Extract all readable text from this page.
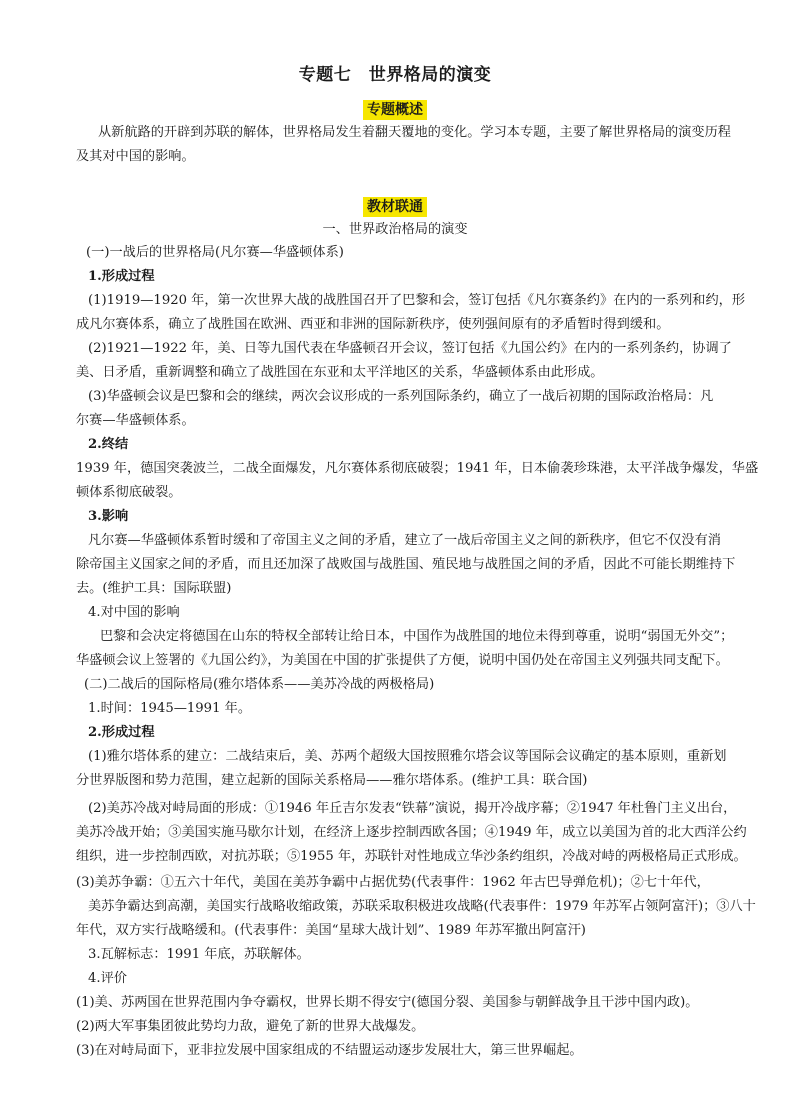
专题七　世界格局的演变
专题概述
从新航路的开辟到苏联的解体，世界格局发生着翻天覆地的变化。学习本专题，主要了解世界格局的演变历程
及其对中国的影响。
教材联通
一、世界政治格局的演变
(一)一战后的世界格局(凡尔赛—华盛顿体系)
1.形成过程
(1)1919—1920 年，第一次世界大战的战胜国召开了巴黎和会，签订包括《凡尔赛条约》在内的一系列和约，形
成凡尔赛体系，确立了战胜国在欧洲、西亚和非洲的国际新秩序，使列强间原有的矛盾暂时得到缓和。
(2)1921—1922 年，美、日等九国代表在华盛顿召开会议，签订包括《九国公约》在内的一系列条约，协调了
美、日矛盾，重新调整和确立了战胜国在东亚和太平洋地区的关系，华盛顿体系由此形成。
(3)华盛顿会议是巴黎和会的继续，两次会议形成的一系列国际条约，确立了一战后初期的国际政治格局：凡
尔赛—华盛顿体系。
2.终结
1939 年，德国突袭波兰，二战全面爆发，凡尔赛体系彻底破裂；1941 年，日本偷袭珍珠港，太平洋战争爆发，华盛
顿体系彻底破裂。
3.影响
凡尔赛—华盛顿体系暂时缓和了帝国主义之间的矛盾，建立了一战后帝国主义之间的新秩序，但它不仅没有消
除帝国主义国家之间的矛盾，而且还加深了战败国与战胜国、殖民地与战胜国之间的矛盾，因此不可能长期维持下
去。(维护工具：国际联盟)
4.对中国的影响
巴黎和会决定将德国在山东的特权全部转让给日本，中国作为战胜国的地位未得到尊重，说明“弱国无外交”；
华盛顿会议上签署的《九国公约》，为美国在中国的扩张提供了方便，说明中国仍处在帝国主义列强共同支配下。
(二)二战后的国际格局(雅尔塔体系——美苏冷战的两极格局)
1.时间：1945—1991 年。
2.形成过程
(1)雅尔塔体系的建立：二战结束后，美、苏两个超级大国按照雅尔塔会议等国际会议确定的基本原则，重新划
分世界版图和势力范围，建立起新的国际关系格局——雅尔塔体系。(维护工具：联合国)
(2)美苏冷战对峙局面的形成：①1946 年丘吉尔发表“铁幕”演说，揭开冷战序幕；②1947 年杜鲁门主义出台，
美苏冷战开始；③美国实施马歇尔计划，在经济上逐步控制西欧各国；④1949 年，成立以美国为首的北大西洋公约
组织，进一步控制西欧，对抗苏联；⑤1955 年，苏联针对性地成立华沙条约组织，冷战对峙的两极格局正式形成。
(3)美苏争霸：①五六十年代，美国在美苏争霸中占据优势(代表事件：1962 年古巴导弹危机)；②七十年代，
美苏争霸达到高潮，美国实行战略收缩政策，苏联采取积极进攻战略(代表事件：1979 年苏军占领阿富汗)；③八十
年代，双方实行战略缓和。(代表事件：美国“星球大战计划”、1989 年苏军撤出阿富汗)
3.瓦解标志：1991 年底，苏联解体。
4.评价
(1)美、苏两国在世界范围内争夺霸权，世界长期不得安宁(德国分裂、美国参与朝鲜战争且干涉中国内政)。
(2)两大军事集团彼此势均力敌，避免了新的世界大战爆发。
(3)在对峙局面下，亚非拉发展中国家组成的不结盟运动逐步发展壮大，第三世界崛起。
